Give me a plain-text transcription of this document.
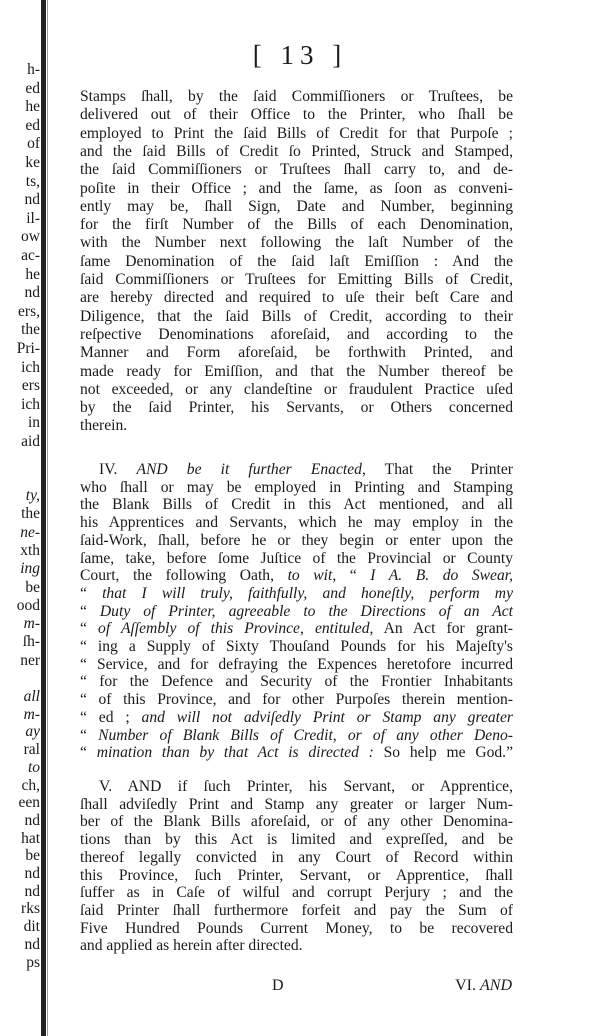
h-
ed
he
ed
of
ke
ts,
nd
il-
ow
ac-
he
nd
ers,
the
Pri-
ich
ers
ich
in
aid
ty,
the
ne-
xth
ing
be
ood
m-
ſh-
ner
all
m-
ay
ral
to
ch,
een
nd
hat
be
nd
nd
rks
dit
nd
ps
[ 13 ]
Stamps ſhall, by the ſaid Commiſſioners or Truſtees, be
delivered out of their Office to the Printer, who ſhall be
employed to Print the ſaid Bills of Credit for that Purpoſe ;
and the ſaid Bills of Credit ſo Printed, Struck and Stamped,
the ſaid Commiſſioners or Truſtees ſhall carry to, and de-
poſite in their Office ; and the ſame, as ſoon as conveni-
ently may be, ſhall Sign, Date and Number, beginning
for the firſt Number of the Bills of each Denomination,
with the Number next following the laſt Number of the
ſame Denomination of the ſaid laſt Emiſſion : And the
ſaid Commiſſioners or Truſtees for Emitting Bills of Credit,
are hereby directed and required to uſe their beſt Care and
Diligence, that the ſaid Bills of Credit, according to their
reſpective Denominations aforeſaid, and according to the
Manner and Form aforeſaid, be forthwith Printed, and
made ready for Emiſſion, and that the Number thereof be
not exceeded, or any clandeſtine or fraudulent Practice uſed
by the ſaid Printer, his Servants, or Others concerned
therein.
IV. AND be it further Enacted, That the Printer
who ſhall or may be employed in Printing and Stamping
the Blank Bills of Credit in this Act mentioned, and all
his Apprentices and Servants, which he may employ in the
ſaid-Work, ſhall, before he or they begin or enter upon the
ſame, take, before ſome Juſtice of the Provincial or County
Court, the following Oath, to wit, “ I A. B. do Swear,
“ that I will truly, faithfully, and honeſtly, perform my
“ Duty of Printer, agreeable to the Directions of an Act
“ of Aſſembly of this Province, entituled, An Act for grant-
“ ing a Supply of Sixty Thouſand Pounds for his Majeſty's
“ Service, and for defraying the Expences heretofore incurred
“ for the Defence and Security of the Frontier Inhabitants
“ of this Province, and for other Purpoſes therein mention-
“ ed ; and will not adviſedly Print or Stamp any greater
“ Number of Blank Bills of Credit, or of any other Deno-
“ mination than by that Act is directed : So help me God.”
V. AND if ſuch Printer, his Servant, or Apprentice,
ſhall adviſedly Print and Stamp any greater or larger Num-
ber of the Blank Bills aforeſaid, or of any other Denomina-
tions than by this Act is limited and expreſſed, and be
thereof legally convicted in any Court of Record within
this Province, ſuch Printer, Servant, or Apprentice, ſhall
ſuffer as in Caſe of wilful and corrupt Perjury ; and the
ſaid Printer ſhall furthermore forfeit and pay the Sum of
Five Hundred Pounds Current Money, to be recovered
and applied as herein after directed.
D	VI. AND
